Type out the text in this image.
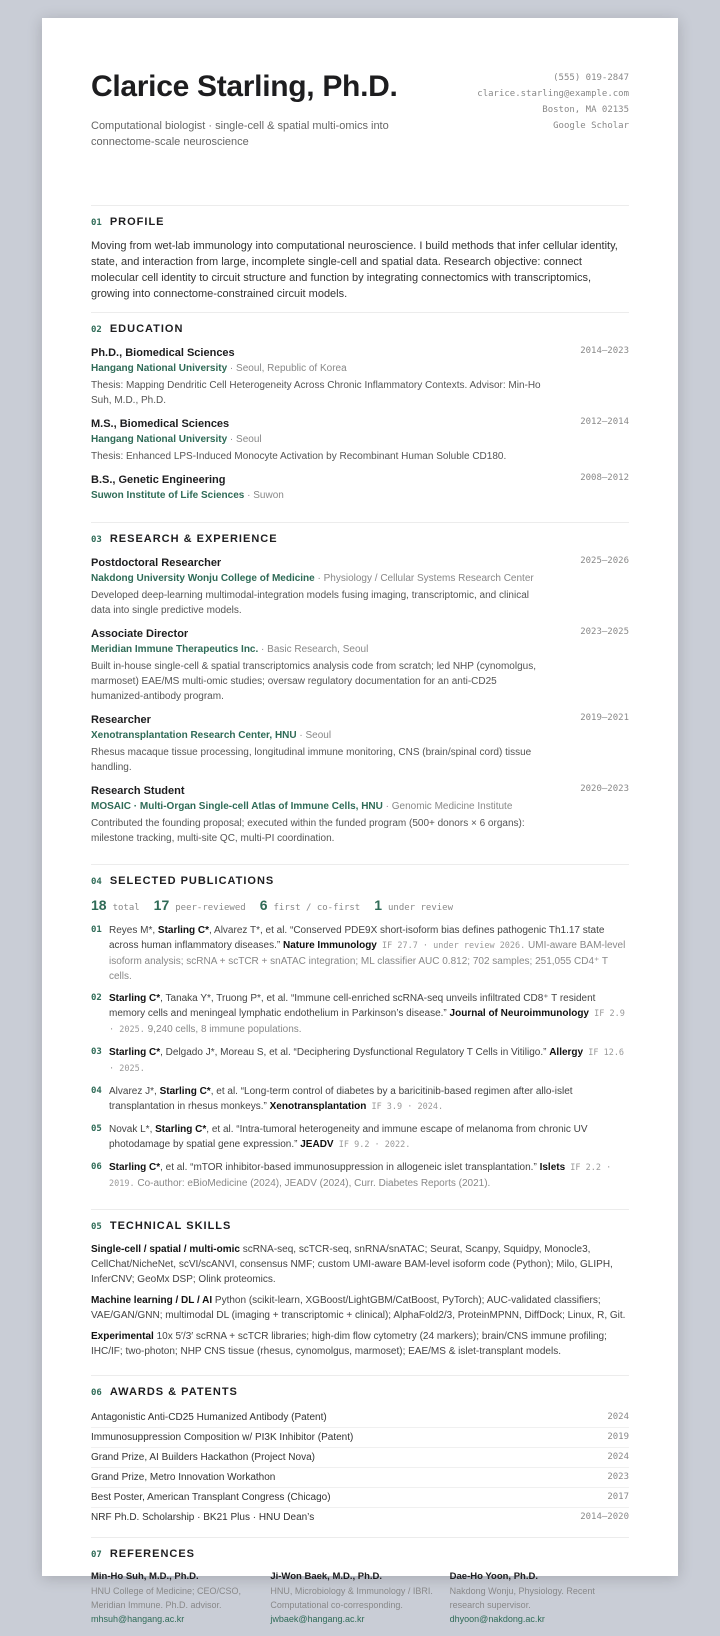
Clarice Starling, Ph.D.
Computational biologist · single-cell & spatial multi-omics into connectome-scale neuroscience
(555) 019-2847
clarice.starling@example.com
Boston, MA 02135
Google Scholar
01 PROFILE
Moving from wet-lab immunology into computational neuroscience. I build methods that infer cellular identity, state, and interaction from large, incomplete single-cell and spatial data. Research objective: connect molecular cell identity to circuit structure and function by integrating connectomics with transcriptomics, growing into connectome-constrained circuit models.
02 EDUCATION
Ph.D., Biomedical Sciences
Hangang National University · Seoul, Republic of Korea
Thesis: Mapping Dendritic Cell Heterogeneity Across Chronic Inflammatory Contexts. Advisor: Min-Ho Suh, M.D., Ph.D.
2014–2023
M.S., Biomedical Sciences
Hangang National University · Seoul
Thesis: Enhanced LPS-Induced Monocyte Activation by Recombinant Human Soluble CD180.
2012–2014
B.S., Genetic Engineering
Suwon Institute of Life Sciences · Suwon
2008–2012
03 RESEARCH & EXPERIENCE
Postdoctoral Researcher
Nakdong University Wonju College of Medicine · Physiology / Cellular Systems Research Center
Developed deep-learning multimodal-integration models fusing imaging, transcriptomic, and clinical data into single predictive models.
2025–2026
Associate Director
Meridian Immune Therapeutics Inc. · Basic Research, Seoul
Built in-house single-cell & spatial transcriptomics analysis code from scratch; led NHP (cynomolgus, marmoset) EAE/MS multi-omic studies; oversaw regulatory documentation for an anti-CD25 humanized-antibody program.
2023–2025
Researcher
Xenotransplantation Research Center, HNU · Seoul
Rhesus macaque tissue processing, longitudinal immune monitoring, CNS (brain/spinal cord) tissue handling.
2019–2021
Research Student
MOSAIC · Multi-Organ Single-cell Atlas of Immune Cells, HNU · Genomic Medicine Institute
Contributed the founding proposal; executed within the funded program (500+ donors × 6 organs): milestone tracking, multi-site QC, multi-PI coordination.
2020–2023
04 SELECTED PUBLICATIONS
18 total 17 peer-reviewed 6 first / co-first 1 under review
01 Reyes M*, Starling C*, Alvarez T*, et al. “Conserved PDE9X short-isoform bias defines pathogenic Th1.17 state across human inflammatory diseases.” Nature Immunology IF 27.7 · under review 2026. UMI-aware BAM-level isoform analysis; scRNA + scTCR + snATAC integration; ML classifier AUC 0.812; 702 samples; 251,055 CD4⁺ T cells.
02 Starling C*, Tanaka Y*, Truong P*, et al. “Immune cell-enriched scRNA-seq unveils infiltrated CD8⁺ T resident memory cells and meningeal lymphatic endothelium in Parkinson’s disease.” Journal of Neuroimmunology IF 2.9 · 2025. 9,240 cells, 8 immune populations.
03 Starling C*, Delgado J*, Moreau S, et al. “Deciphering Dysfunctional Regulatory T Cells in Vitiligo.” Allergy IF 12.6 · 2025.
04 Alvarez J*, Starling C*, et al. “Long-term control of diabetes by a baricitinib-based regimen after allo-islet transplantation in rhesus monkeys.” Xenotransplantation IF 3.9 · 2024.
05 Novak L*, Starling C*, et al. “Intra-tumoral heterogeneity and immune escape of melanoma from chronic UV photodamage by spatial gene expression.” JEADV IF 9.2 · 2022.
06 Starling C*, et al. “mTOR inhibitor-based immunosuppression in allogeneic islet transplantation.” Islets IF 2.2 · 2019. Co-author: eBioMedicine (2024), JEADV (2024), Curr. Diabetes Reports (2021).
05 TECHNICAL SKILLS
Single-cell / spatial / multi-omic scRNA-seq, scTCR-seq, snRNA/snATAC; Seurat, Scanpy, Squidpy, Monocle3, CellChat/NicheNet, scVI/scANVI, consensus NMF; custom UMI-aware BAM-level isoform code (Python); Milo, GLIPH, InferCNV; GeoMx DSP; Olink proteomics.
Machine learning / DL / AI Python (scikit-learn, XGBoost/LightGBM/CatBoost, PyTorch); AUC-validated classifiers; VAE/GAN/GNN; multimodal DL (imaging + transcriptomic + clinical); AlphaFold2/3, ProteinMPNN, DiffDock; Linux, R, Git.
Experimental 10x 5′/3′ scRNA + scTCR libraries; high-dim flow cytometry (24 markers); brain/CNS immune profiling; IHC/IF; two-photon; NHP CNS tissue (rhesus, cynomolgus, marmoset); EAE/MS & islet-transplant models.
06 AWARDS & PATENTS
Antagonistic Anti-CD25 Humanized Antibody (Patent)	2024
Immunosuppression Composition w/ PI3K Inhibitor (Patent)	2019
Grand Prize, AI Builders Hackathon (Project Nova)	2024
Grand Prize, Metro Innovation Workathon	2023
Best Poster, American Transplant Congress (Chicago)	2017
NRF Ph.D. Scholarship · BK21 Plus · HNU Dean’s	2014–2020
07 REFERENCES
Min-Ho Suh, M.D., Ph.D.
HNU College of Medicine; CEO/CSO,
Meridian Immune. Ph.D. advisor.
mhsuh@hangang.ac.kr
Ji-Won Baek, M.D., Ph.D.
HNU, Microbiology & Immunology / IBRI.
Computational co-corresponding.
jwbaek@hangang.ac.kr
Dae-Ho Yoon, Ph.D.
Nakdong Wonju, Physiology. Recent
research supervisor.
dhyoon@nakdong.ac.kr
